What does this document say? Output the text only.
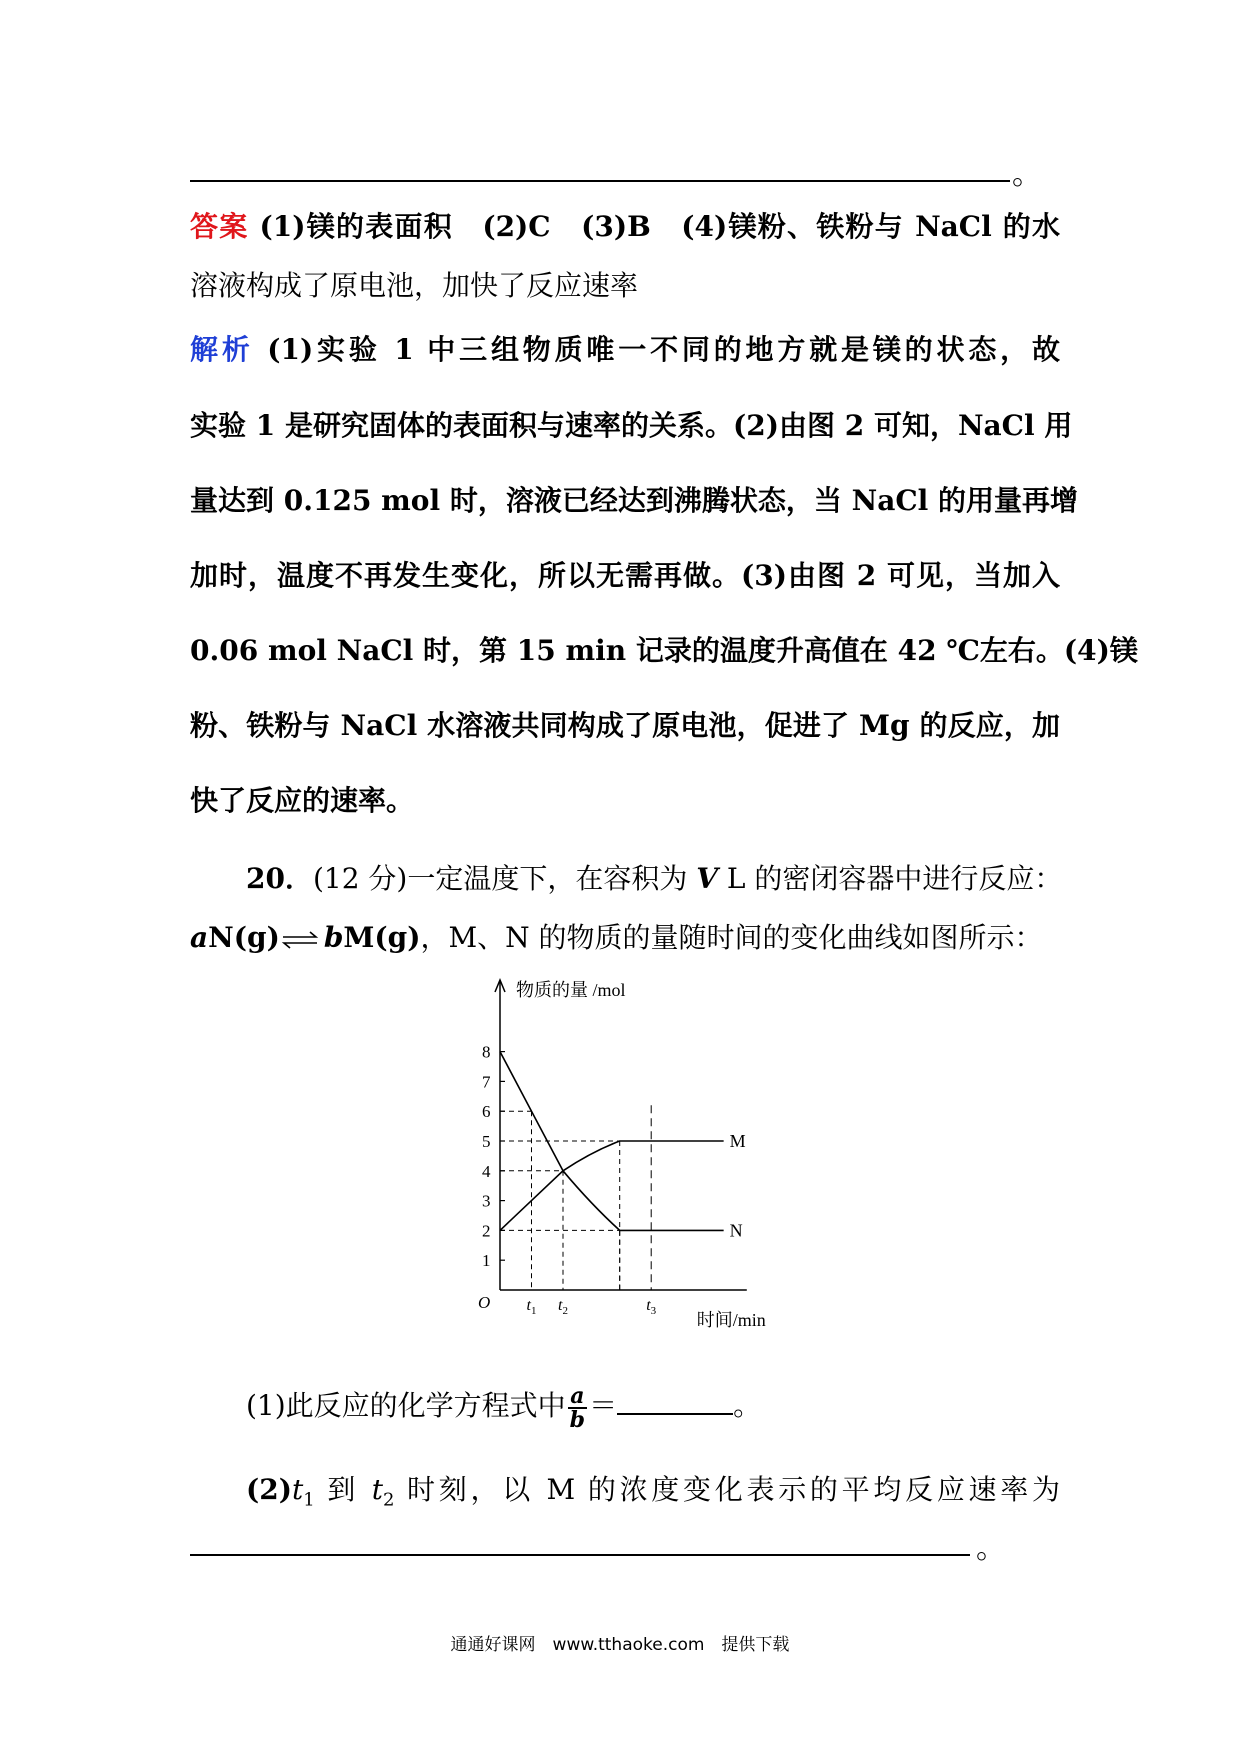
。
答案 (1)镁的表面积　(2)C　(3)B　(4)镁粉、铁粉与 NaCl 的水
溶液构成了原电池，加快了反应速率
解析 (1)实验 1 中三组物质唯一不同的地方就是镁的状态，故
实验 1 是研究固体的表面积与速率的关系。(2)由图 2 可知，NaCl 用
量达到 0.125 mol 时，溶液已经达到沸腾状态，当 NaCl 的用量再增
加时，温度不再发生变化，所以无需再做。(3)由图 2 可见，当加入
0.06 mol NaCl 时，第 15 min 记录的温度升高值在 42 ℃左右。(4)镁
粉、铁粉与 NaCl 水溶液共同构成了原电池，促进了 Mg 的反应，加
快了反应的速率。
20．(12 分)一定温度下，在容积为 V L 的密闭容器中进行反应：
aN(g)⇌bM(g)，M、N 的物质的量随时间的变化曲线如图所示：
物质的量 /mol
时间/min
O
1
2
3
4
5
6
7
8
$t_1$ $t_2$	$t_3$
M
N
(1)此反应的化学方程式中 $\frac{a}{b}$ ＝	。
$(2)t_1$ 到 $t_2$ 时刻，以 M 的浓度变化表示的平均反应速率为
。
通通好课网　www.tthaoke.com　提供下载
